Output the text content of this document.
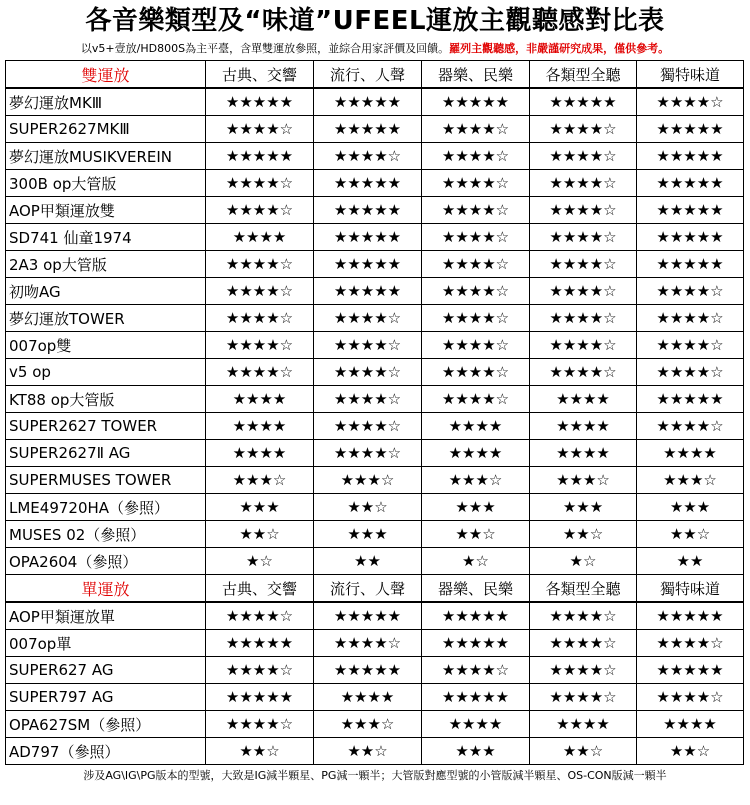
各音樂類型及“味道”UFEEL運放主觀聽感對比表
以v5+壹放/HD800S為主平臺，含單雙運放參照，並綜合用家評價及回饋。羅列主觀聽感，非嚴謹研究成果，僅供參考。
雙運放	古典、交響	流行、人聲	器樂、民樂	各類型全聽	獨特味道
夢幻運放MKⅢ	★★★★★	★★★★★	★★★★★	★★★★★	★★★★☆
SUPER2627MKⅢ	★★★★☆	★★★★★	★★★★☆	★★★★☆	★★★★★
夢幻運放MUSIKVEREIN	★★★★★	★★★★☆	★★★★☆	★★★★☆	★★★★★
300B op大管版	★★★★☆	★★★★★	★★★★☆	★★★★☆	★★★★★
AOP甲類運放雙	★★★★☆	★★★★★	★★★★☆	★★★★☆	★★★★★
SD741 仙童1974	★★★★	★★★★★	★★★★☆	★★★★☆	★★★★★
2A3 op大管版	★★★★☆	★★★★★	★★★★☆	★★★★☆	★★★★★
初吻AG	★★★★☆	★★★★★	★★★★☆	★★★★☆	★★★★☆
夢幻運放TOWER	★★★★☆	★★★★☆	★★★★☆	★★★★☆	★★★★☆
007op雙	★★★★☆	★★★★☆	★★★★☆	★★★★☆	★★★★☆
v5 op	★★★★☆	★★★★☆	★★★★☆	★★★★☆	★★★★☆
KT88 op大管版	★★★★	★★★★☆	★★★★☆	★★★★	★★★★★
SUPER2627 TOWER	★★★★	★★★★☆	★★★★	★★★★	★★★★☆
SUPER2627Ⅱ AG	★★★★	★★★★☆	★★★★	★★★★	★★★★
SUPERMUSES TOWER	★★★☆	★★★☆	★★★☆	★★★☆	★★★☆
LME49720HA（參照）	★★★	★★☆	★★★	★★★	★★★
MUSES 02（參照）	★★☆	★★★	★★☆	★★☆	★★☆
OPA2604（參照）	★☆	★★	★☆	★☆	★★
單運放	古典、交響	流行、人聲	器樂、民樂	各類型全聽	獨特味道
AOP甲類運放單	★★★★☆	★★★★★	★★★★★	★★★★☆	★★★★★
007op單	★★★★★	★★★★☆	★★★★★	★★★★☆	★★★★☆
SUPER627 AG	★★★★☆	★★★★★	★★★★☆	★★★★☆	★★★★★
SUPER797 AG	★★★★★	★★★★	★★★★★	★★★★☆	★★★★☆
OPA627SM（參照）	★★★★☆	★★★☆	★★★★	★★★★	★★★★
AD797（參照）	★★☆	★★☆	★★★	★★☆	★★☆
涉及AG\IG\PG版本的型號，大致是IG減半顆星、PG減一顆半；大管版對應型號的小管版減半顆星、OS-CON版減一顆半
